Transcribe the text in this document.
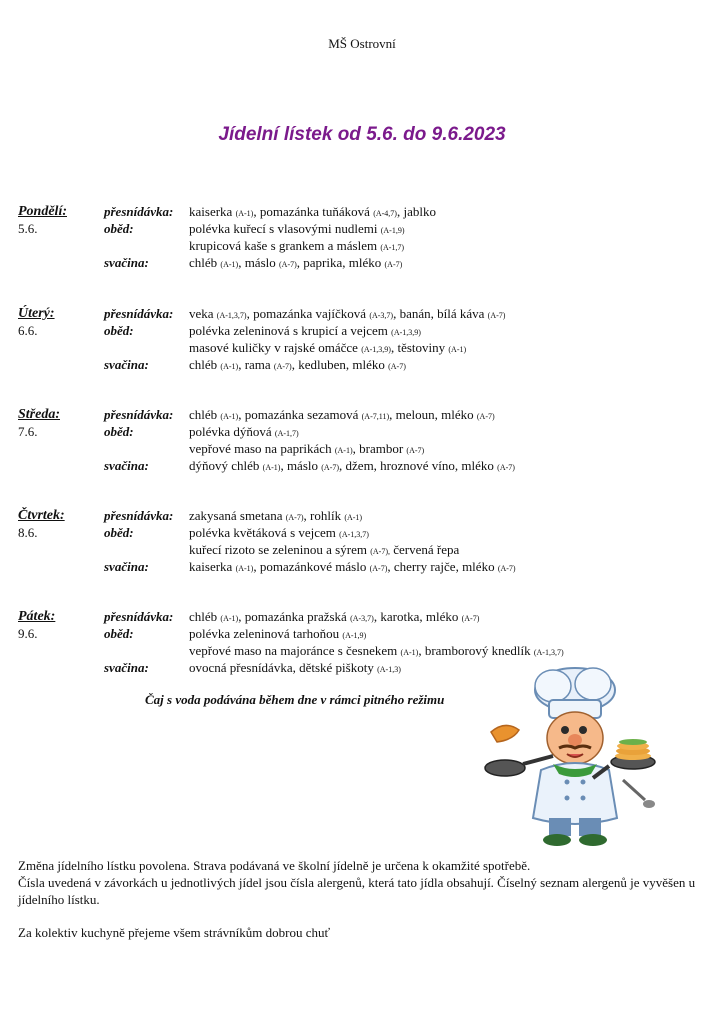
MŠ Ostrovní
Jídelní lístek od 5.6. do 9.6.2023
Pondělí:	přesnídávka: kaiserka (A-1), pomazánka tuňáková (A-4,7), jablko
5.6.	oběd:	polévka kuřecí s vlasovými nudlemi (A-1,9)
krupicová kaše s grankem a máslem (A-1,7)
svačina:	chléb (A-1), máslo (A-7), paprika, mléko (A-7)
Úterý:	přesnídávka: veka (A-1,3,7), pomazánka vajíčková (A-3,7), banán, bílá káva (A-7)
6.6.	oběd:	polévka zeleninová s krupicí a vejcem (A-1,3,9)
masové kuličky v rajské omáčce (A-1,3,9), těstoviny (A-1)
svačina:	chléb (A-1), rama (A-7), kedluben, mléko (A-7)
Středa:	přesnídávka: chléb (A-1), pomazánka sezamová (A-7,11), meloun, mléko (A-7)
7.6.	oběd:	polévka dýňová (A-1,7)
vepřové maso na paprikách (A-1), brambor (A-7)
svačina:	dýňový chléb (A-1), máslo (A-7), džem, hroznové víno, mléko (A-7)
Čtvrtek:	přesnídávka: zakysaná smetana (A-7), rohlík (A-1)
8.6.	oběd:	polévka květáková s vejcem (A-1,3,7)
kuřecí rizoto se zeleninou a sýrem (A-7), červená řepa
svačina:	kaiserka (A-1), pomazánkové máslo (A-7), cherry rajče, mléko (A-7)
Pátek:	přesnídávka: chléb (A-1), pomazánka pražská (A-3,7), karotka, mléko (A-7)
9.6.	oběd:	polévka zeleninová tarhoňou (A-1,9)
vepřové maso na majoránce s česnekem (A-1), bramborový knedlík (A-1,3,7)
svačina:	ovocná přesnídávka, dětské piškoty (A-1,3)
Čaj s voda podávána během dne v rámci pitného režimu

Změna jídelního lístku povolena. Strava podávaná ve školní jídelně je určena k okamžité spotřebě.

Čísla uvedená v závorkách u jednotlivých jídel jsou čísla alergenů, která tato jídla obsahují. Číselný seznam alergenů je vyvěšen u jídelního lístku.

Za kolektiv kuchyně přejeme všem strávníkům dobrou chuť
